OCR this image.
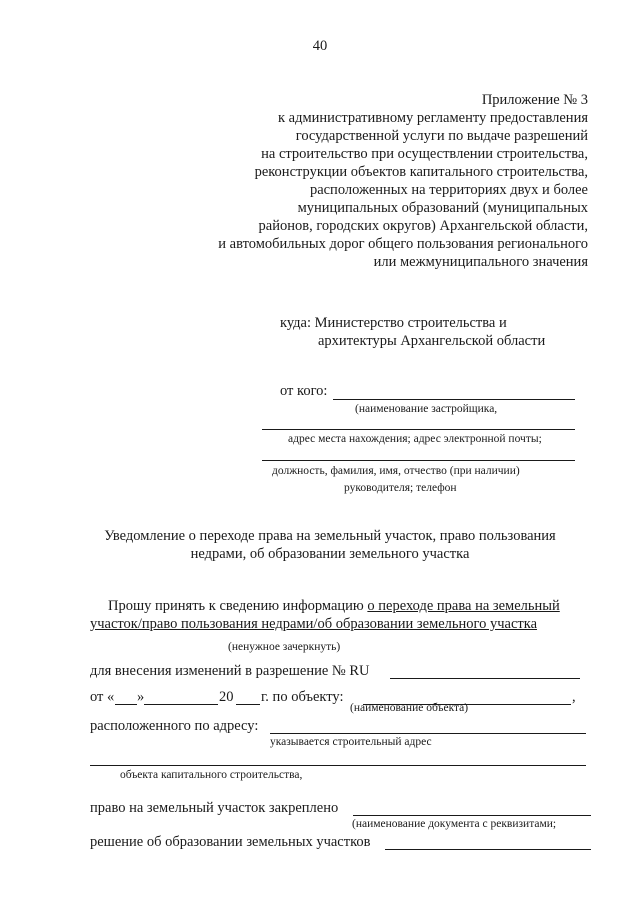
40
Приложение № 3
к административному регламенту предоставления
государственной услуги по выдаче разрешений
на строительство при осуществлении строительства,
реконструкции объектов капитального строительства,
расположенных на территориях двух и более
муниципальных образований (муниципальных
районов, городских округов) Архангельской области,
и автомобильных дорог общего пользования регионального
или межмуниципального значения
куда: Министерство строительства и
архитектуры Архангельской области
от кого:
(наименование застройщика,
адрес места нахождения; адрес электронной почты;
должность, фамилия, имя, отчество (при наличии)
руководителя; телефон
Уведомление о переходе права на земельный участок, право пользования
недрами, об образовании земельного участка
Прошу принять к сведению информацию о переходе права на земельный
участок/право пользования недрами/об образовании земельного участка
(ненужное зачеркнуть)
для внесения изменений в разрешение № RU
от « »	20 г. по объекту:	,
(наименование объекта)
расположенного по адресу:
указывается строительный адрес
объекта капитального строительства,
право на земельный участок закреплено
(наименование документа с реквизитами;
решение об образовании земельных участков
